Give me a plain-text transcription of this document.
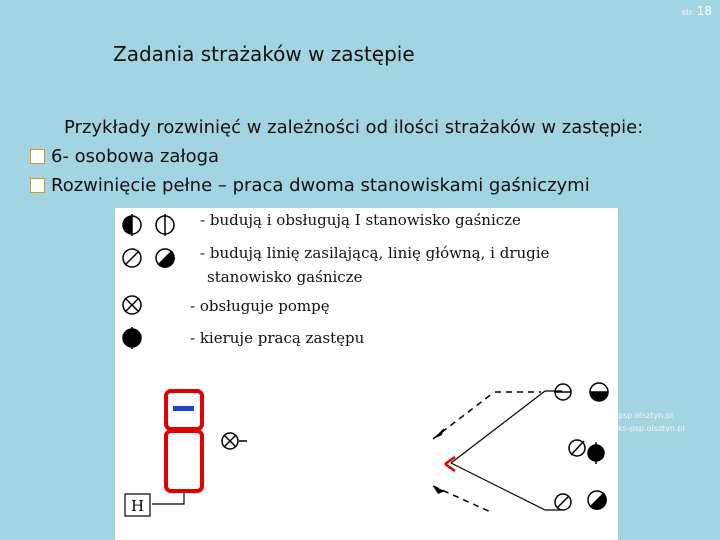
str. 18
Zadania strażaków w zastępie
Przykłady rozwinięć w zależności od ilości strażaków w zastępie:
6- osobowa załoga
Rozwinięcie pełne – praca dwoma stanowiskami gaśniczymi
H
- budują i obsługują I stanowisko gaśnicze
- budują linię zasilającą, linię główną, i drugie
stanowisko gaśnicze
- obsługuje pompę
- kieruje pracą zastępu
psp.olsztyn.pl
ks-psp.olsztyn.pl
